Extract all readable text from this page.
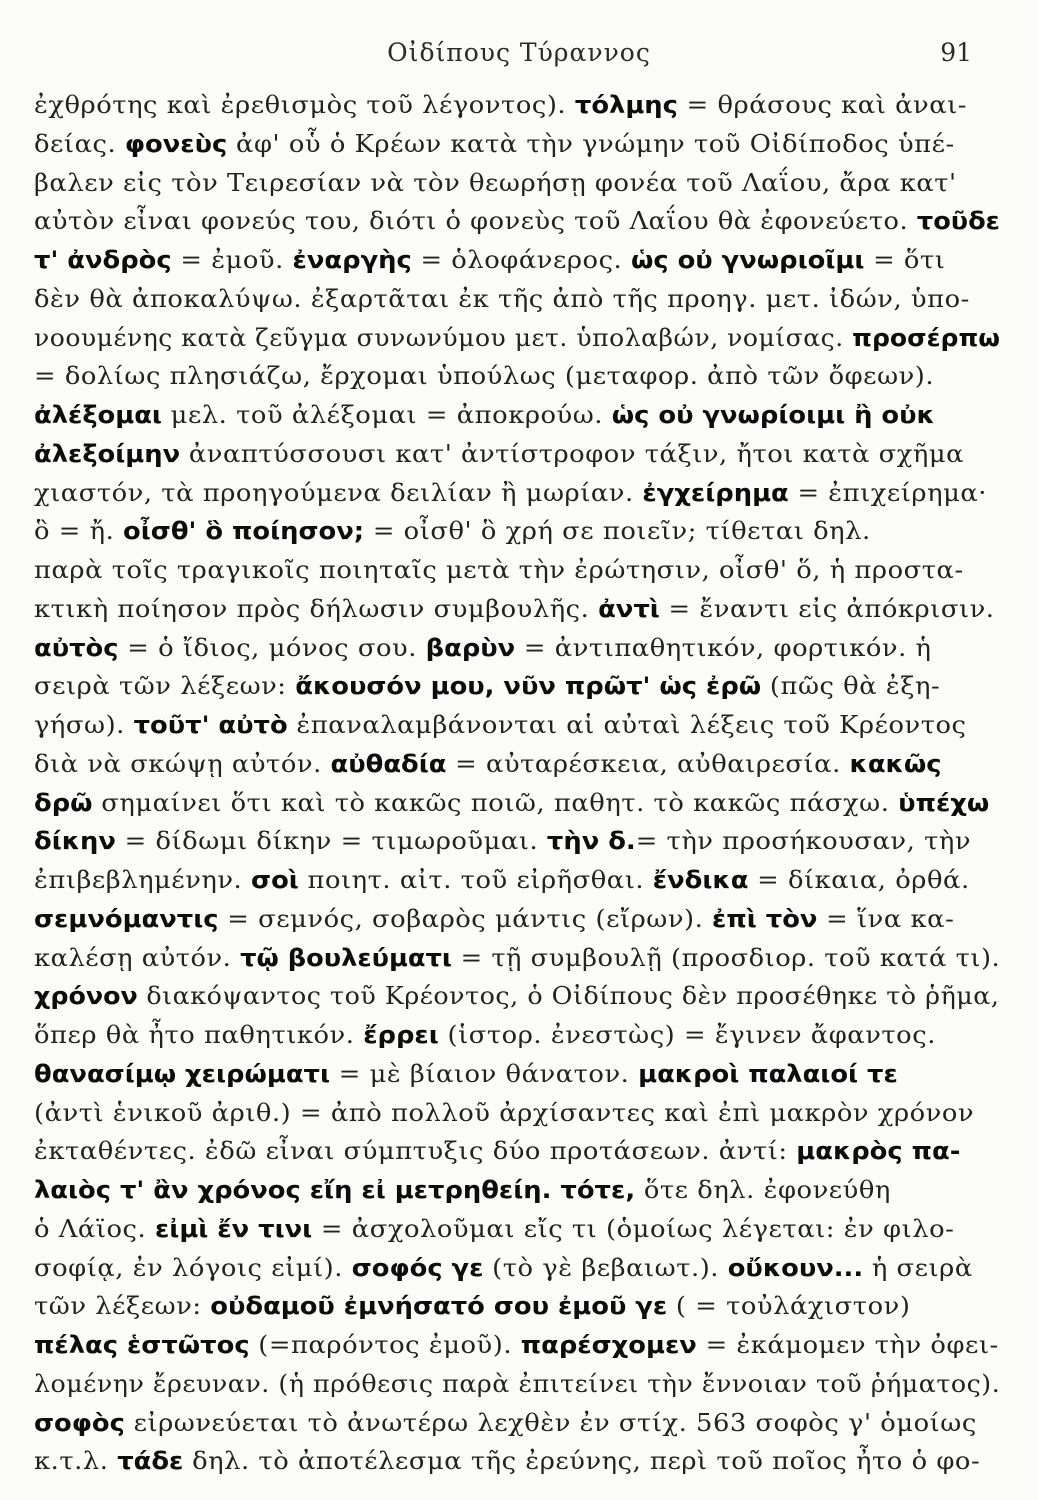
Οἰδίπους Τύραννος	91
ἐχθρότης καὶ ἐρεθισμὸς τοῦ λέγοντος). τόλμης = θράσους καὶ ἀναι-
δείας. φονεὺς ἀφ' οὗ ὁ Κρέων κατὰ τὴν γνώμην τοῦ Οἰδίποδος ὑπέ-
βαλεν εἰς τὸν Τειρεσίαν νὰ τὸν θεωρήσῃ φονέα τοῦ Λαΐου, ἄρα κατ'
αὐτὸν εἶναι φονεύς του, διότι ὁ φονεὺς τοῦ Λαΐου θὰ ἐφονεύετο. τοῦδε
τ' ἀνδρὸς = ἐμοῦ. ἐναργὴς = ὁλοφάνερος. ὡς οὐ γνωριοῖμι = ὅτι
δὲν θὰ ἀποκαλύψω. ἐξαρτᾶται ἐκ τῆς ἀπὸ τῆς προηγ. μετ. ἰδών, ὑπο-
νοουμένης κατὰ ζεῦγμα συνωνύμου μετ. ὑπολαβών, νομίσας. προσέρπω
= δολίως πλησιάζω, ἔρχομαι ὑπούλως (μεταφορ. ἀπὸ τῶν ὄφεων).
ἀλέξομαι μελ. τοῦ ἀλέξομαι = ἀποκρούω. ὡς οὐ γνωρίοιμι ἢ οὐκ
ἀλεξοίμην ἀναπτύσσουσι κατ' ἀντίστροφον τάξιν, ἤτοι κατὰ σχῆμα
χιαστόν, τὰ προηγούμενα δειλίαν ἢ μωρίαν. ἐγχείρημα = ἐπιχείρημα·
ὃ = ἤ. οἶσθ' ὃ ποίησον; = οἶσθ' ὃ χρή σε ποιεῖν; τίθεται δηλ.
παρὰ τοῖς τραγικοῖς ποιηταῖς μετὰ τὴν ἐρώτησιν, οἶσθ' ὅ, ἡ προστα-
κτικὴ ποίησον πρὸς δήλωσιν συμβουλῆς. ἀντὶ = ἔναντι εἰς ἀπόκρισιν.
αὐτὸς = ὁ ἴδιος, μόνος σου. βαρὺν = ἀντιπαθητικόν, φορτικόν. ἡ
σειρὰ τῶν λέξεων: ἄκουσόν μου, νῦν πρῶτ' ὡς ἐρῶ (πῶς θὰ ἐξη-
γήσω). τοῦτ' αὐτὸ ἐπαναλαμβάνονται αἱ αὐταὶ λέξεις τοῦ Κρέοντος
διὰ νὰ σκώψῃ αὐτόν. αὐθαδία = αὐταρέσκεια, αὐθαιρεσία. κακῶς
δρῶ σημαίνει ὅτι καὶ τὸ κακῶς ποιῶ, παθητ. τὸ κακῶς πάσχω. ὑπέχω
δίκην = δίδωμι δίκην = τιμωροῦμαι. τὴν δ.= τὴν προσήκουσαν, τὴν
ἐπιβεβλημένην. σοὶ ποιητ. αἰτ. τοῦ εἰρῆσθαι. ἔνδικα = δίκαια, ὀρθά.
σεμνόμαντις = σεμνός, σοβαρὸς μάντις (εἴρων). ἐπὶ τὸν = ἵνα κα-
καλέσῃ αὐτόν. τῷ βουλεύματι = τῇ συμβουλῇ (προσδιορ. τοῦ κατά τι).
χρόνον διακόψαντος τοῦ Κρέοντος, ὁ Οἰδίπους δὲν προσέθηκε τὸ ῥῆμα,
ὅπερ θὰ ἦτο παθητικόν. ἔρρει (ἱστορ. ἐνεστὼς) = ἔγινεν ἄφαντος.
θανασίμῳ χειρώματι = μὲ βίαιον θάνατον. μακροὶ παλαιοί τε
(ἀντὶ ἑνικοῦ ἀριθ.) = ἀπὸ πολλοῦ ἀρχίσαντες καὶ ἐπὶ μακρὸν χρόνον
ἐκταθέντες. ἐδῶ εἶναι σύμπτυξις δύο προτάσεων. ἀντί: μακρὸς πα-
λαιὸς τ' ἂν χρόνος εἴη εἰ μετρηθείη. τότε, ὅτε δηλ. ἐφονεύθη
ὁ Λάϊος. εἰμὶ ἔν τινι = ἀσχολοῦμαι εἴς τι (ὁμοίως λέγεται: ἐν φιλο-
σοφίᾳ, ἐν λόγοις εἰμί). σοφός γε (τὸ γὲ βεβαιωτ.). οὔκουν... ἡ σειρὰ
τῶν λέξεων: οὐδαμοῦ ἐμνήσατό σου ἐμοῦ γε ( = τοὐλάχιστον)
πέλας ἑστῶτος (=παρόντος ἐμοῦ). παρέσχομεν = ἐκάμομεν τὴν ὀφει-
λομένην ἔρευναν. (ἡ πρόθεσις παρὰ ἐπιτείνει τὴν ἔννοιαν τοῦ ῥήματος).
σοφὸς εἰρωνεύεται τὸ ἀνωτέρω λεχθὲν ἐν στίχ. 563 σοφὸς γ' ὁμοίως
κ.τ.λ. τάδε δηλ. τὸ ἀποτέλεσμα τῆς ἐρεύνης, περὶ τοῦ ποῖος ἦτο ὁ φο-
